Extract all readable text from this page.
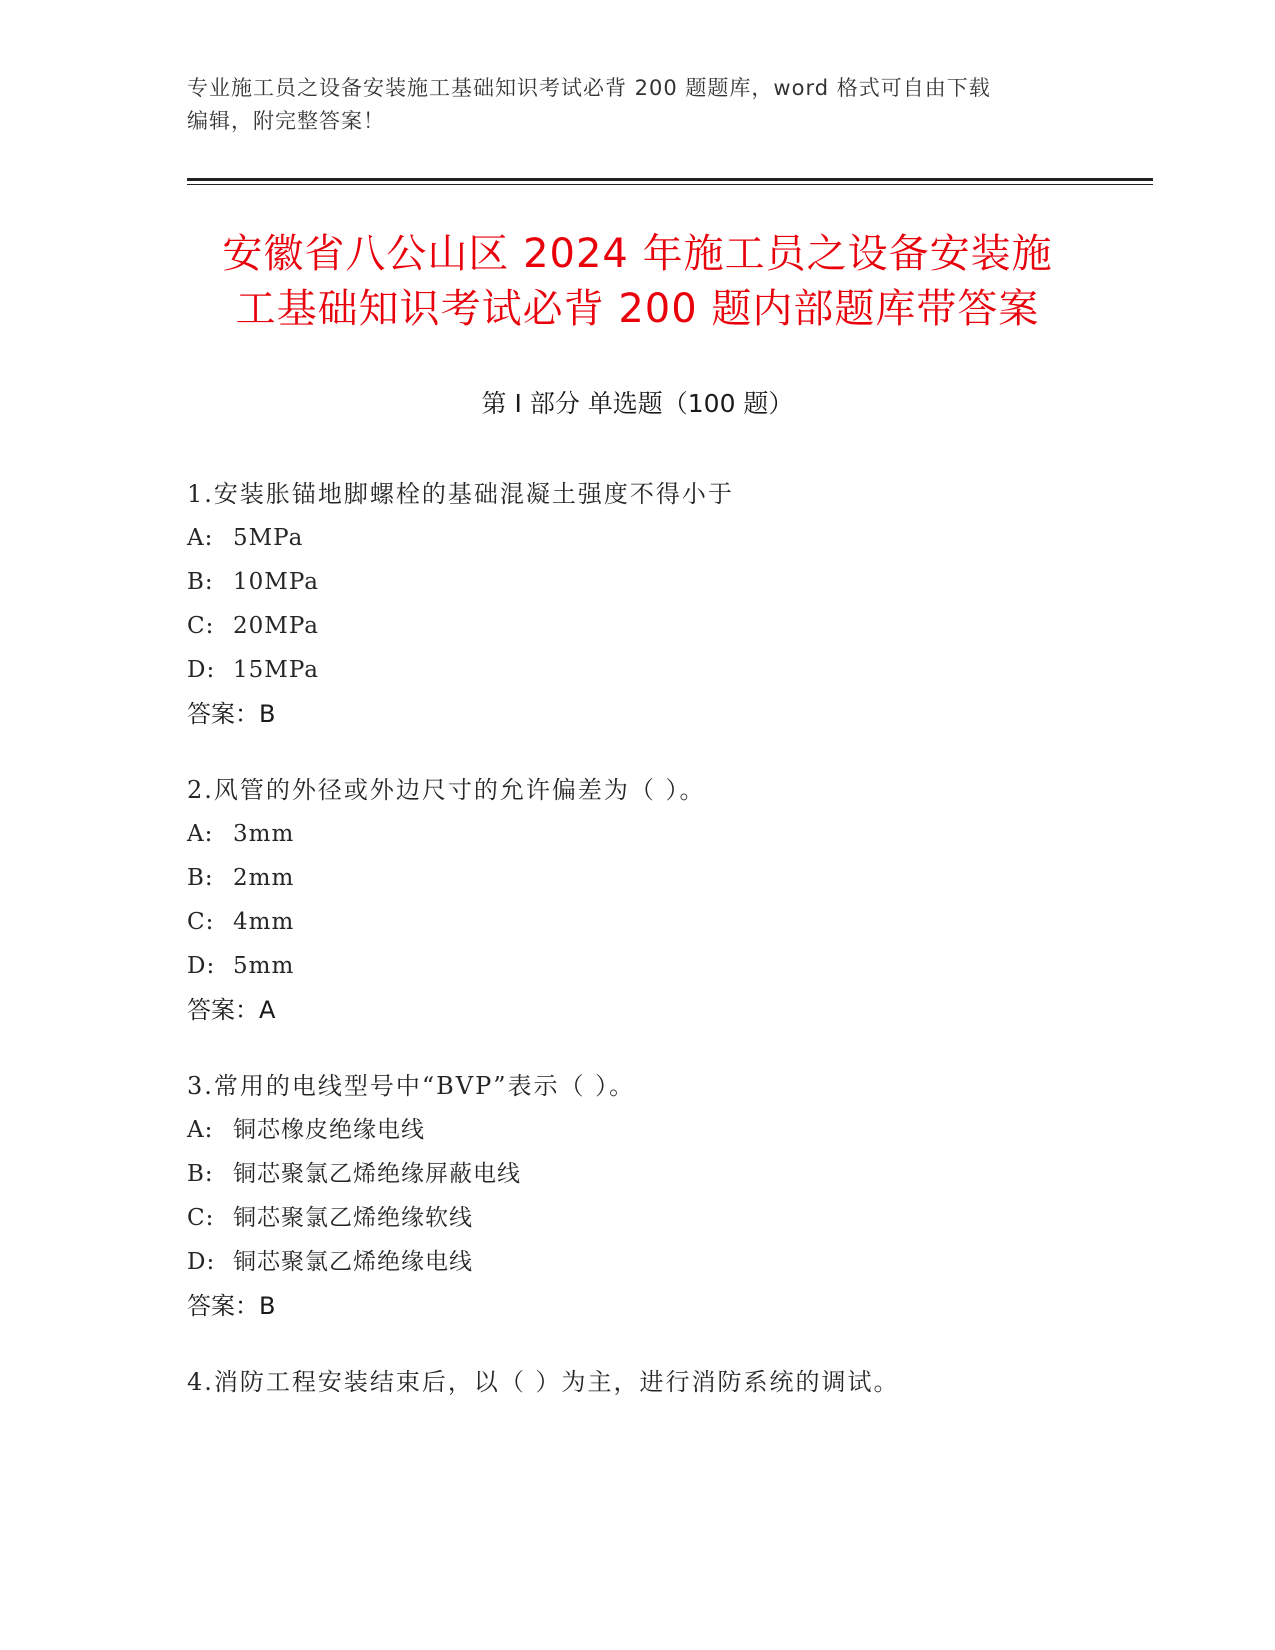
专业施工员之设备安装施工基础知识考试必背 200 题题库，word 格式可自由下载
编辑，附完整答案！
安徽省八公山区 2024 年施工员之设备安装施
工基础知识考试必背 200 题内部题库带答案
第 I 部分 单选题（100 题）
1.安装胀锚地脚螺栓的基础混凝土强度不得小于
A: 5MPa
B: 10MPa
C: 20MPa
D: 15MPa
答案：B
2.风管的外径或外边尺寸的允许偏差为（ ）。
A: 3mm
B: 2mm
C: 4mm
D: 5mm
答案：A
3.常用的电线型号中“BVP”表示（ ）。
A: 铜芯橡皮绝缘电线
B: 铜芯聚氯乙烯绝缘屏蔽电线
C: 铜芯聚氯乙烯绝缘软线
D: 铜芯聚氯乙烯绝缘电线
答案：B
4.消防工程安装结束后，以（ ）为主，进行消防系统的调试。
